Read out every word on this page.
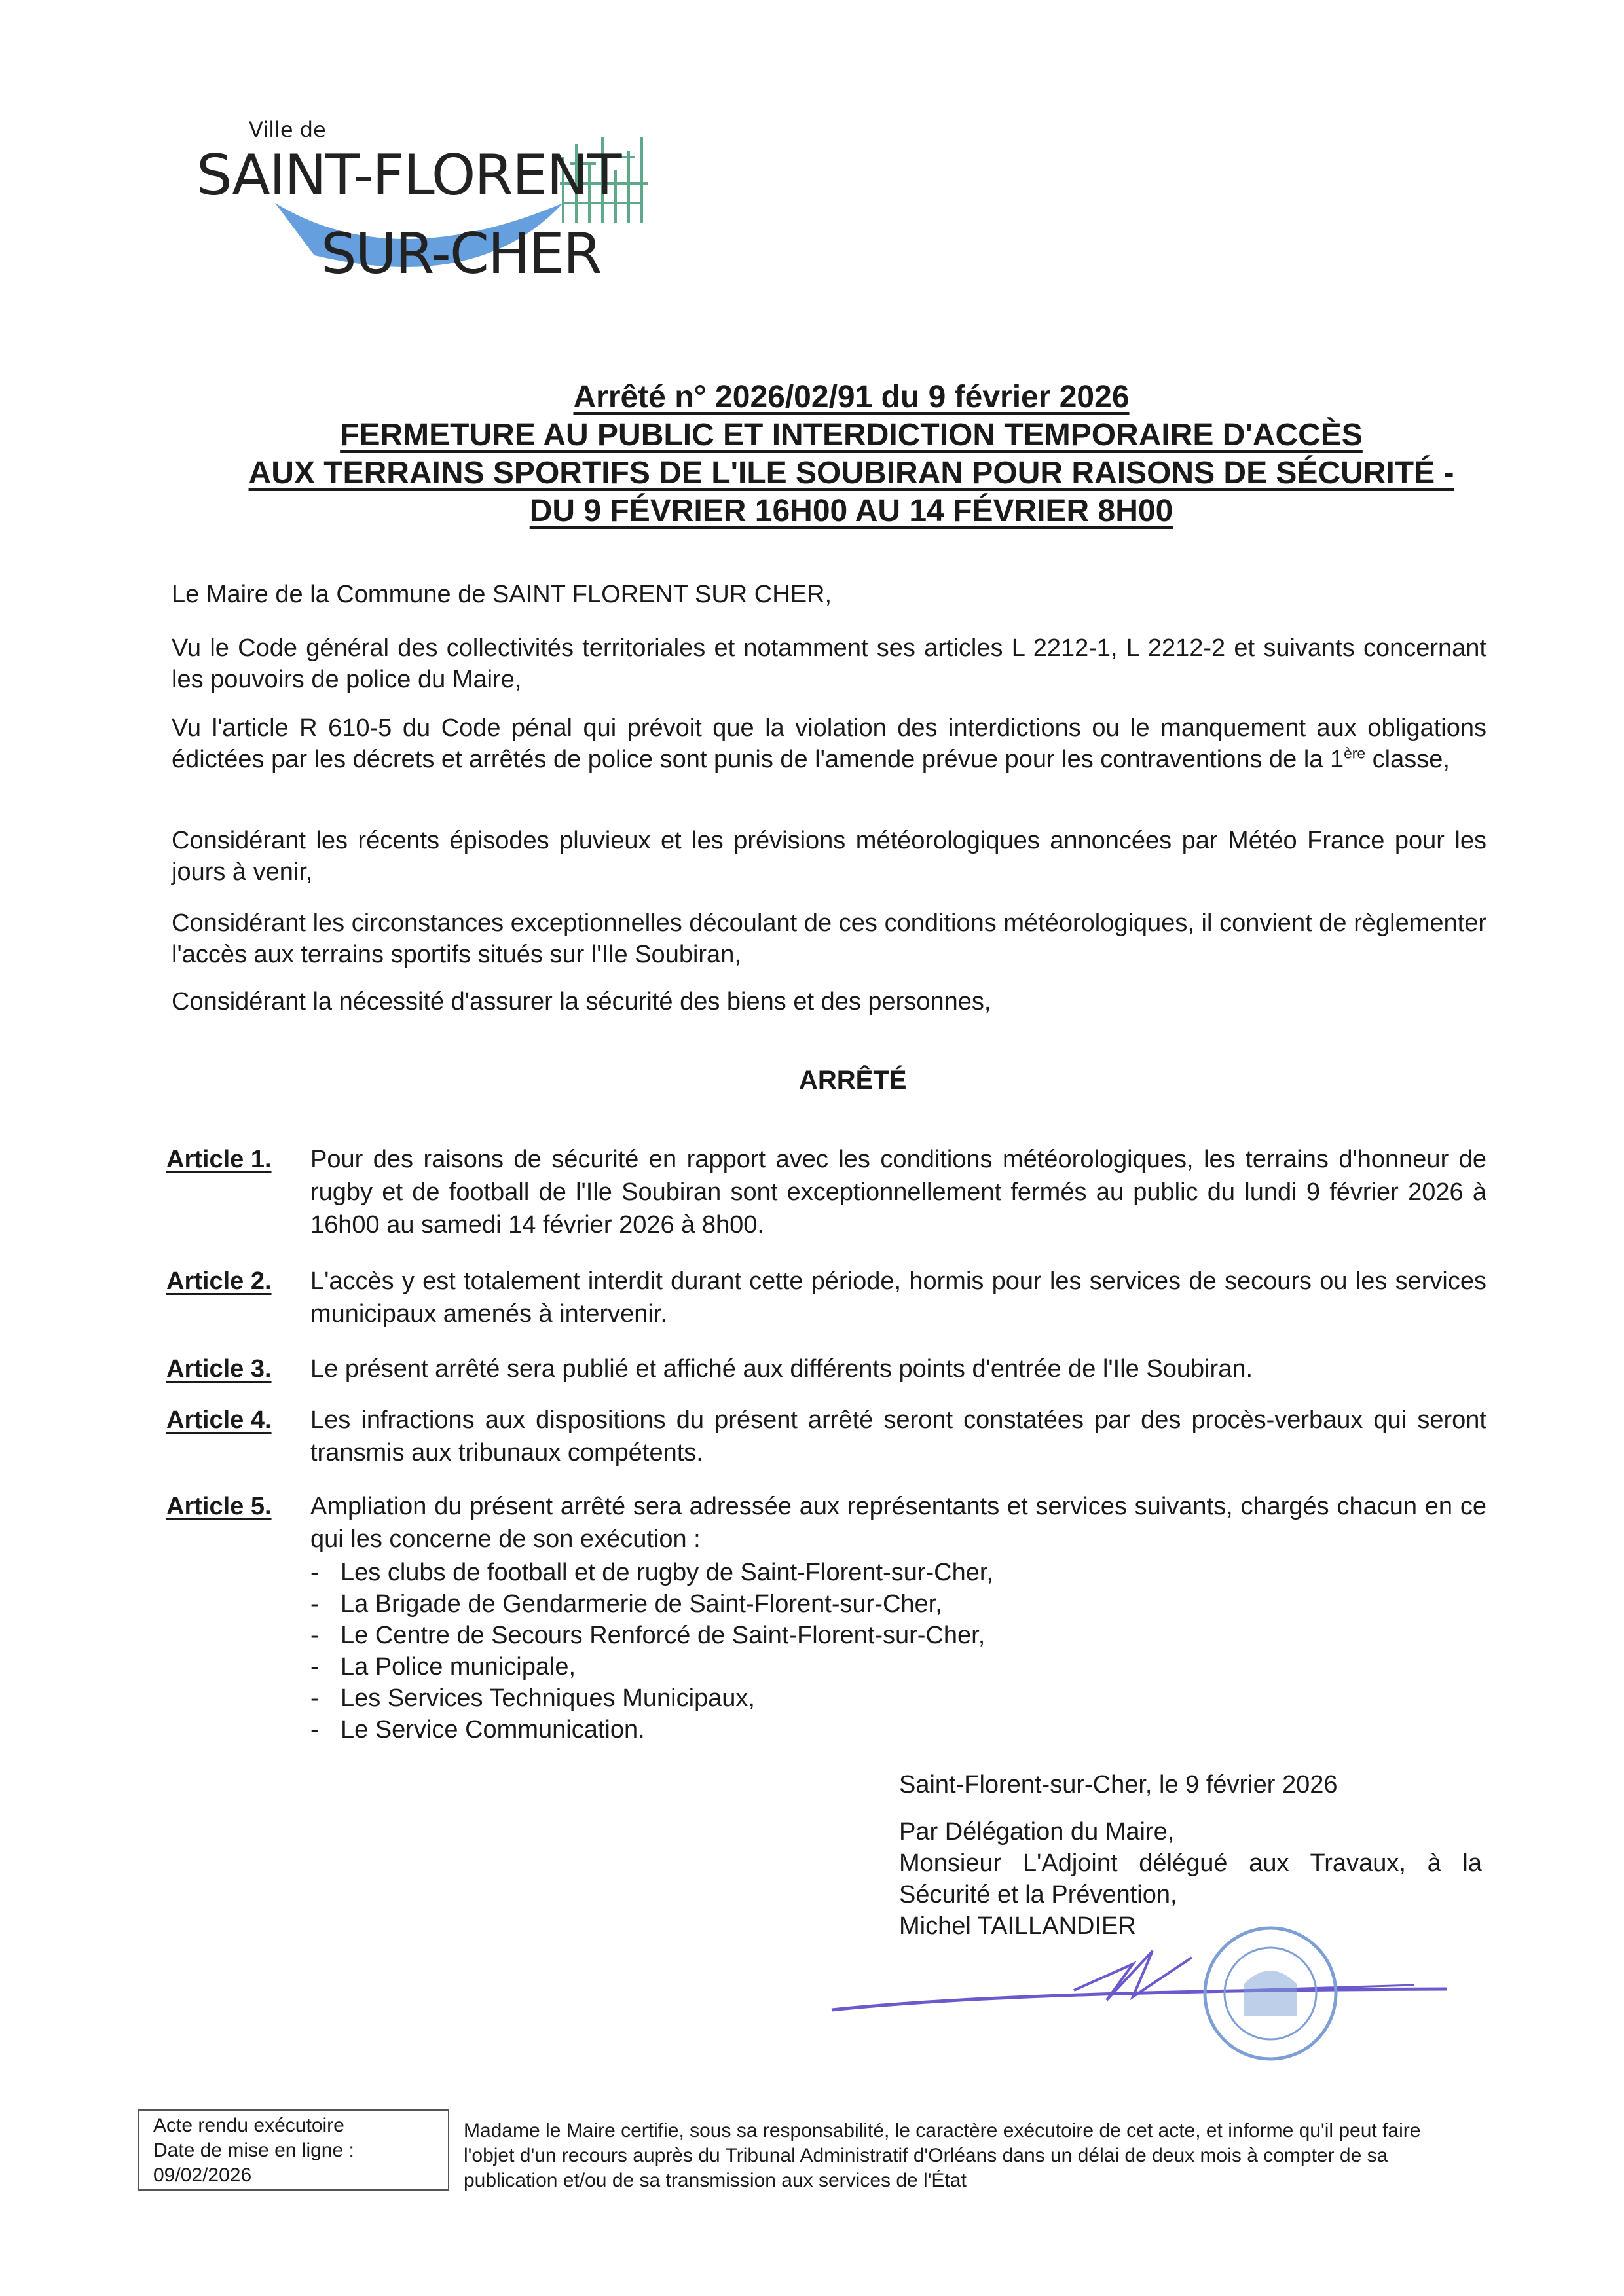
Ville de
SAINT-FLORENT
SUR-CHER
Arrêté n° 2026/02/91 du 9 février 2026
FERMETURE AU PUBLIC ET INTERDICTION TEMPORAIRE D'ACCÈS
AUX TERRAINS SPORTIFS DE L'ILE SOUBIRAN POUR RAISONS DE SÉCURITÉ -
DU 9 FÉVRIER 16H00 AU 14 FÉVRIER 8H00
Le Maire de la Commune de SAINT FLORENT SUR CHER,
Vu le Code général des collectivités territoriales et notamment ses articles L 2212-1, L 2212-2 et suivants concernant les pouvoirs de police du Maire,
Vu l'article R 610-5 du Code pénal qui prévoit que la violation des interdictions ou le manquement aux obligations édictées par les décrets et arrêtés de police sont punis de l'amende prévue pour les contraventions de la 1ère classe,
Considérant les récents épisodes pluvieux et les prévisions météorologiques annoncées par Météo France pour les jours à venir,
Considérant les circonstances exceptionnelles découlant de ces conditions météorologiques, il convient de règlementer l'accès aux terrains sportifs situés sur l'Ile Soubiran,
Considérant la nécessité d'assurer la sécurité des biens et des personnes,
ARRÊTÉ
Article 1. Pour des raisons de sécurité en rapport avec les conditions météorologiques, les terrains d'honneur de rugby et de football de l'Ile Soubiran sont exceptionnellement fermés au public du lundi 9 février 2026 à 16h00 au samedi 14 février 2026 à 8h00.
Article 2. L'accès y est totalement interdit durant cette période, hormis pour les services de secours ou les services municipaux amenés à intervenir.
Article 3. Le présent arrêté sera publié et affiché aux différents points d'entrée de l'Ile Soubiran.
Article 4. Les infractions aux dispositions du présent arrêté seront constatées par des procès-verbaux qui seront transmis aux tribunaux compétents.
Article 5. Ampliation du présent arrêté sera adressée aux représentants et services suivants, chargés chacun en ce qui les concerne de son exécution :
- Les clubs de football et de rugby de Saint-Florent-sur-Cher,
- La Brigade de Gendarmerie de Saint-Florent-sur-Cher,
- Le Centre de Secours Renforcé de Saint-Florent-sur-Cher,
- La Police municipale,
- Les Services Techniques Municipaux,
- Le Service Communication.
Saint-Florent-sur-Cher, le 9 février 2026
Par Délégation du Maire,
Monsieur L'Adjoint délégué aux Travaux, à la
Sécurité et la Prévention,
Michel TAILLANDIER
Acte rendu exécutoire
Date de mise en ligne :
09/02/2026
Madame le Maire certifie, sous sa responsabilité, le caractère exécutoire de cet acte, et informe qu'il peut faire l'objet d'un recours auprès du Tribunal Administratif d'Orléans dans un délai de deux mois à compter de sa publication et/ou de sa transmission aux services de l'État
